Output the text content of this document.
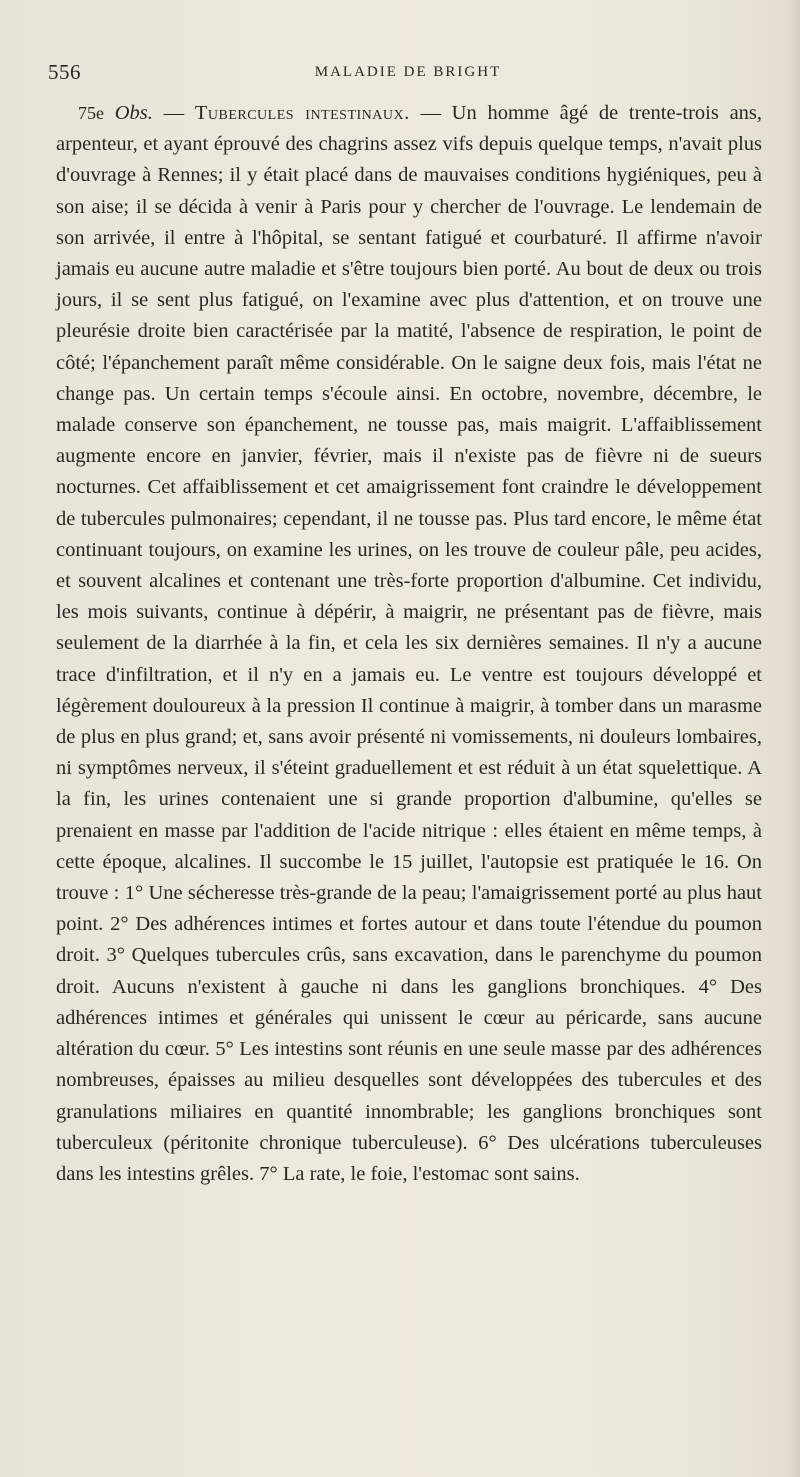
556	MALADIE DE BRIGHT

75e Obs. — Tubercules intestinaux. — Un homme âgé de trente-trois ans, arpenteur, et ayant éprouvé des chagrins assez vifs depuis quelque temps, n'avait plus d'ouvrage à Rennes; il y était placé dans de mauvaises conditions hygiéniques, peu à son aise; il se décida à venir à Paris pour y chercher de l'ouvrage. Le lendemain de son arrivée, il entre à l'hôpital, se sentant fatigué et courbaturé. Il affirme n'avoir jamais eu aucune autre maladie et s'être toujours bien porté. Au bout de deux ou trois jours, il se sent plus fatigué, on l'examine avec plus d'attention, et on trouve une pleurésie droite bien caractérisée par la matité, l'absence de respiration, le point de côté; l'épanchement paraît même considérable. On le saigne deux fois, mais l'état ne change pas. Un certain temps s'écoule ainsi. En octobre, novembre, décembre, le malade conserve son épanchement, ne tousse pas, mais maigrit. L'affaiblissement augmente encore en janvier, février, mais il n'existe pas de fièvre ni de sueurs nocturnes. Cet affaiblissement et cet amaigrissement font craindre le développement de tubercules pulmonaires; cependant, il ne tousse pas. Plus tard encore, le même état continuant toujours, on examine les urines, on les trouve de couleur pâle, peu acides, et souvent alcalines et contenant une très-forte proportion d'albumine. Cet individu, les mois suivants, continue à dépérir, à maigrir, ne présentant pas de fièvre, mais seulement de la diarrhée à la fin, et cela les six dernières semaines. Il n'y a aucune trace d'infiltration, et il n'y en a jamais eu. Le ventre est toujours développé et légèrement douloureux à la pression Il continue à maigrir, à tomber dans un marasme de plus en plus grand; et, sans avoir présenté ni vomissements, ni douleurs lombaires, ni symptômes nerveux, il s'éteint graduellement et est réduit à un état squelettique. A la fin, les urines contenaient une si grande proportion d'albumine, qu'elles se prenaient en masse par l'addition de l'acide nitrique : elles étaient en même temps, à cette époque, alcalines. Il succombe le 15 juillet, l'autopsie est pratiquée le 16. On trouve : 1° Une sécheresse très-grande de la peau; l'amaigrissement porté au plus haut point. 2° Des adhérences intimes et fortes autour et dans toute l'étendue du poumon droit. 3° Quelques tubercules crûs, sans excavation, dans le parenchyme du poumon droit. Aucuns n'existent à gauche ni dans les ganglions bronchiques. 4° Des adhérences intimes et générales qui unissent le cœur au péricarde, sans aucune altération du cœur. 5° Les intestins sont réunis en une seule masse par des adhérences nombreuses, épaisses au milieu desquelles sont développées des tubercules et des granulations miliaires en quantité innombrable; les ganglions bronchiques sont tuberculeux (péritonite chronique tuberculeuse). 6° Des ulcérations tuberculeuses dans les intestins grêles. 7° La rate, le foie, l'estomac sont sains.
